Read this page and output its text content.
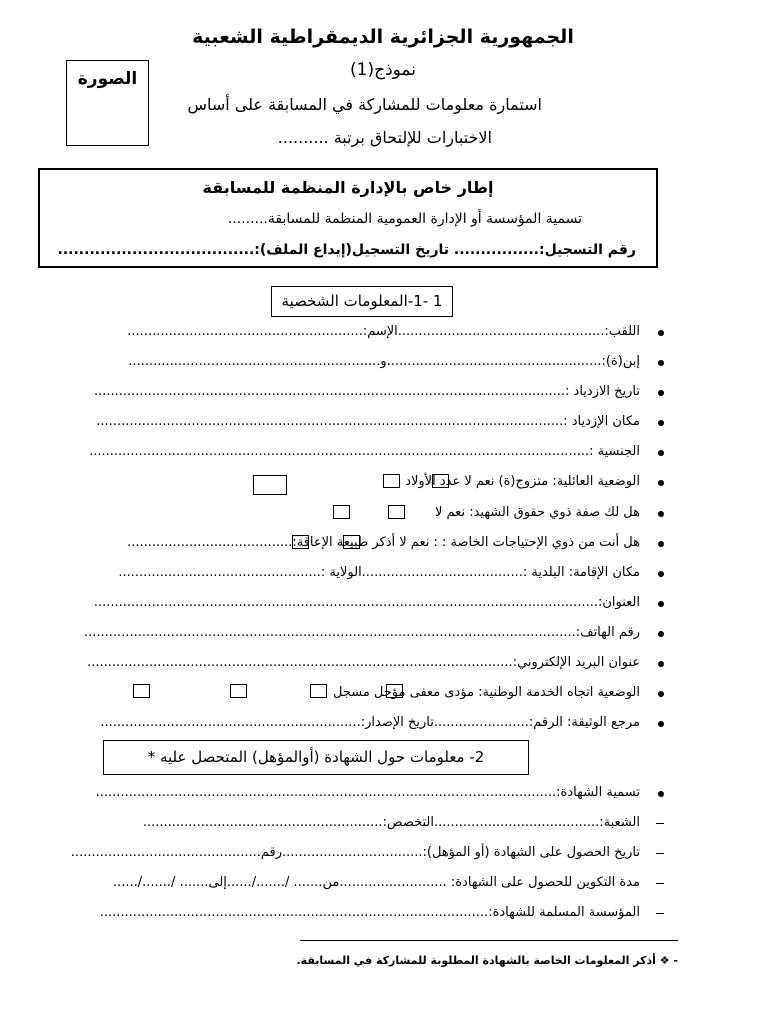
الجمهورية الجزائرية الديمقراطية الشعبية
نموذج(1)
الصورة
استمارة معلومات للمشاركة في المسابقة على أساس
الاختبارات للإلتحاق برتبة ..........
إطار خاص بالإدارة المنظمة للمسابقة
تسمية المؤسسة أو الإدارة العمومية المنظمة للمسابقة.........
رقم التسجيل:................ تاريخ التسجيل(إيداع الملف):.....................................
1 -1-المعلومات الشخصية
اللقب:..................................................الإسم:.........................................................
إبن(ة):....................................................و.............................................................
تاريخ الازدياد :..................................................................................................................
مكان الإزدياد :.................................................................................................................
الجنسية :.........................................................................................................................
الوضعية العائلية: متزوج(ة) نعم لا عدد الأولاد
هل لك صفة ذوي حقوق الشهيد: نعم لا
هل أنت من ذوي الإحتياجات الخاصة : : نعم لا أذكر طبيعة الإعاقة:........................................
مكان الإقامة: البلدية :.......................................الولاية :.................................................
العنوان:..........................................................................................................................
رقم الهاتف:.......................................................................................................................
عنوان البريد الإلكتروني:.......................................................................................................
الوضعية اتجاه الخدمة الوطنية: مؤدى معفى مؤجل مسجل
مرجع الوثيقة: الرقم:.......................تاريخ الإصدار:...............................................................
2- معلومات حول الشهادة (أوالمؤهل) المتحصل عليه *
تسمية الشهادة:...............……….......................................................................................
الشعبة:........................................التخصص:..........................................................
تاريخ الحصول على الشهادة (أو المؤهل):..................................رقم..............................................
مدة التكوين للحصول على الشهادة: ..........................من....... /......./......إلى....... /......./......
المؤسسة المسلمة للشهادة:..............................................................................................
- ❖ أذكر المعلومات الخاصة بالشهادة المطلوبة للمشاركة في المسابقة.
